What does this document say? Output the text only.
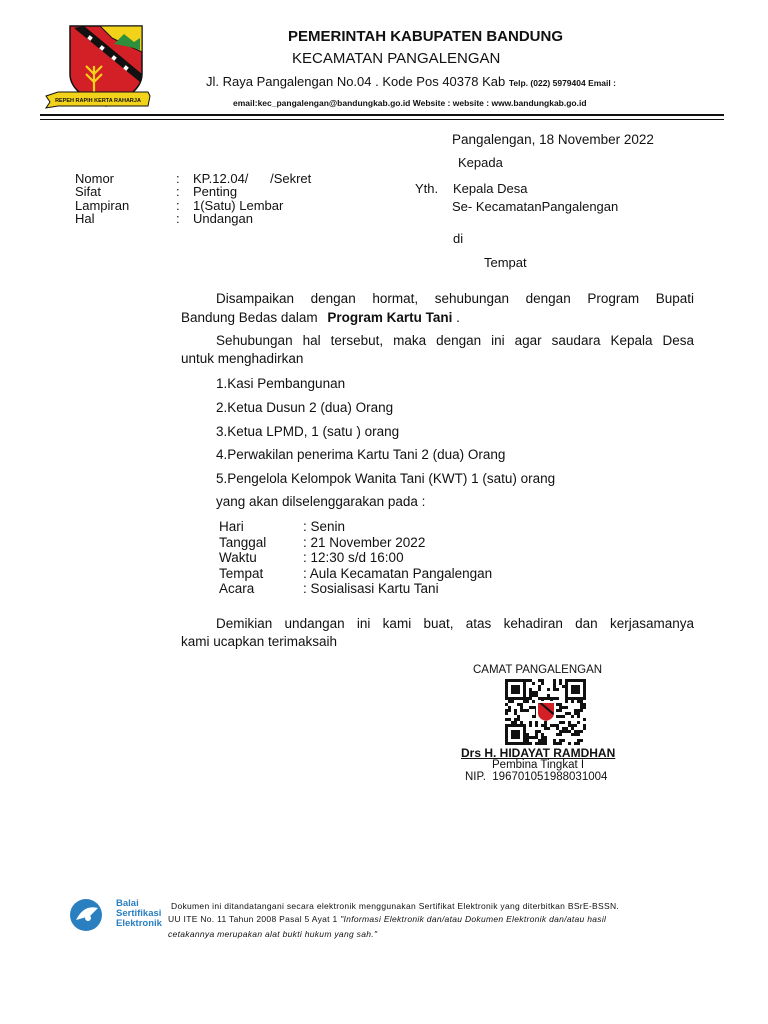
REPEH RAPIH KERTA RAHARJA
PEMERINTAH KABUPATEN BANDUNG
KECAMATAN PANGALENGAN
Jl. Raya Pangalengan No.04 . Kode Pos 40378 Kab Telp. (022) 5979404 Email :
email:kec_pangalengan@bandungkab.go.id Website : website : www.bandungkab.go.id
Pangalengan, 18 November 2022
Kepada
Yth. Kepala Desa
Se- KecamatanPangalengan
di
Tempat
Nomor	: KP.12.04/      /Sekret
Sifat	: Penting
Lampiran	: 1(Satu) Lembar
Hal	: Undangan
Disampaikan dengan hormat, sehubungan dengan Program Bupati
Bandung Bedas dalam Program Kartu Tani .
Sehubungan hal tersebut, maka dengan ini agar saudara Kepala Desa
untuk menghadirkan
1.Kasi Pembangunan
2.Ketua Dusun 2 (dua) Orang
3.Ketua LPMD, 1 (satu ) orang
4.Perwakilan penerima Kartu Tani 2 (dua) Orang
5.Pengelola Kelompok Wanita Tani (KWT) 1 (satu) orang
yang akan dilselenggarakan pada :
Hari	: Senin
Tanggal	: 21 November 2022
Waktu	: 12:30 s/d 16:00
Tempat	: Aula Kecamatan Pangalengan
Acara	: Sosialisasi Kartu Tani
Demikian undangan ini kami buat, atas kehadiran dan kerjasamanya
kami ucapkan terimaksaih
CAMAT PANGALENGAN
Drs H. HIDAYAT RAMDHAN
Pembina Tingkat I
NIP.  196701051988031004
Balai
Sertifikasi
Elektronik
Dokumen ini ditandatangani secara elektronik menggunakan Sertifikat Elektronik yang diterbitkan BSrE-BSSN.
UU ITE No. 11 Tahun 2008 Pasal 5 Ayat 1 "Informasi Elektronik dan/atau Dokumen Elektronik dan/atau hasil
cetakannya merupakan alat bukti hukum yang sah."
